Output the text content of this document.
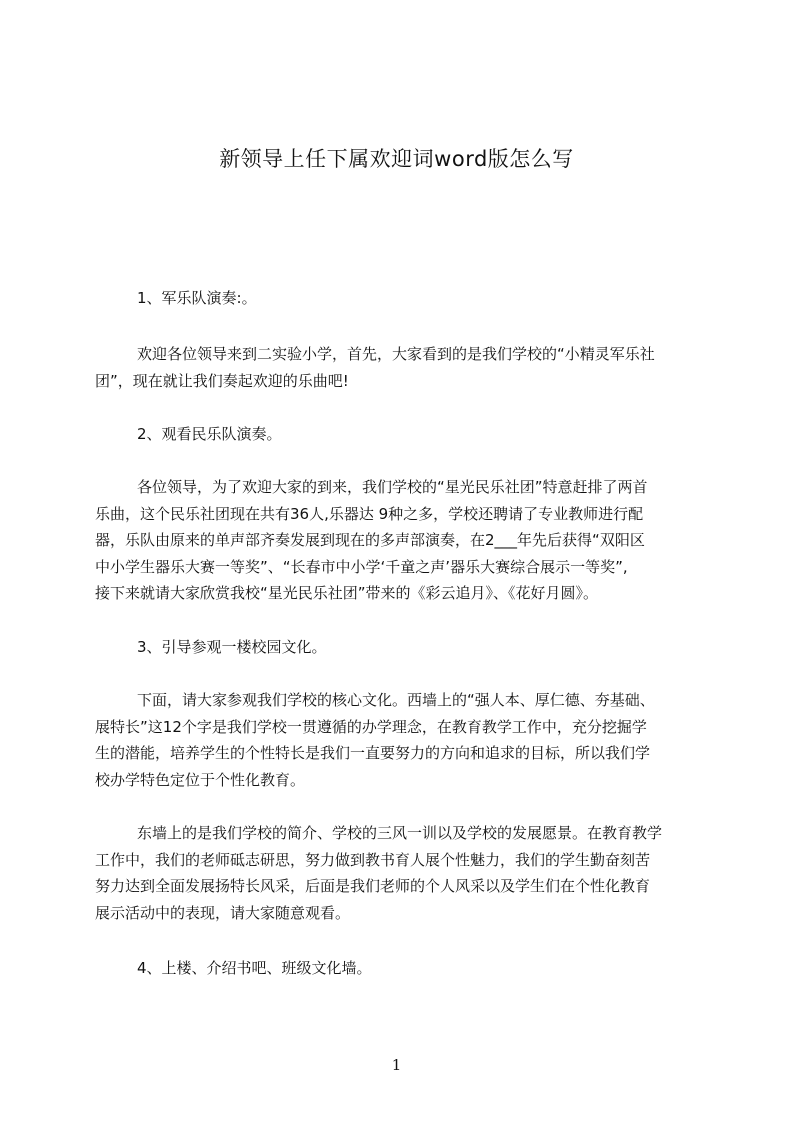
新领导上任下属欢迎词word版怎么写
1、军乐队演奏:。
欢迎各位领导来到二实验小学，首先，大家看到的是我们学校的“小精灵军乐社
团”，现在就让我们奏起欢迎的乐曲吧!
2、观看民乐队演奏。
各位领导，为了欢迎大家的到来，我们学校的“星光民乐社团”特意赶排了两首
乐曲，这个民乐社团现在共有36人,乐器达 9种之多，学校还聘请了专业教师进行配
器，乐队由原来的单声部齐奏发展到现在的多声部演奏，在2___年先后获得“双阳区
中小学生器乐大赛一等奖”、“长春市中小学‘千童之声’器乐大赛综合展示一等奖”,
接下来就请大家欣赏我校“星光民乐社团”带来的《彩云追月》、《花好月圆》。
3、引导参观一楼校园文化。
下面，请大家参观我们学校的核心文化。西墙上的“强人本、厚仁德、夯基础、
展特长”这12个字是我们学校一贯遵循的办学理念，在教育教学工作中，充分挖掘学
生的潜能，培养学生的个性特长是我们一直要努力的方向和追求的目标，所以我们学
校办学特色定位于个性化教育。
东墙上的是我们学校的简介、学校的三风一训以及学校的发展愿景。在教育教学
工作中，我们的老师砥志研思，努力做到教书育人展个性魅力，我们的学生勤奋刻苦
努力达到全面发展扬特长风采，后面是我们老师的个人风采以及学生们在个性化教育
展示活动中的表现，请大家随意观看。
4、上楼、介绍书吧、班级文化墙。
1
